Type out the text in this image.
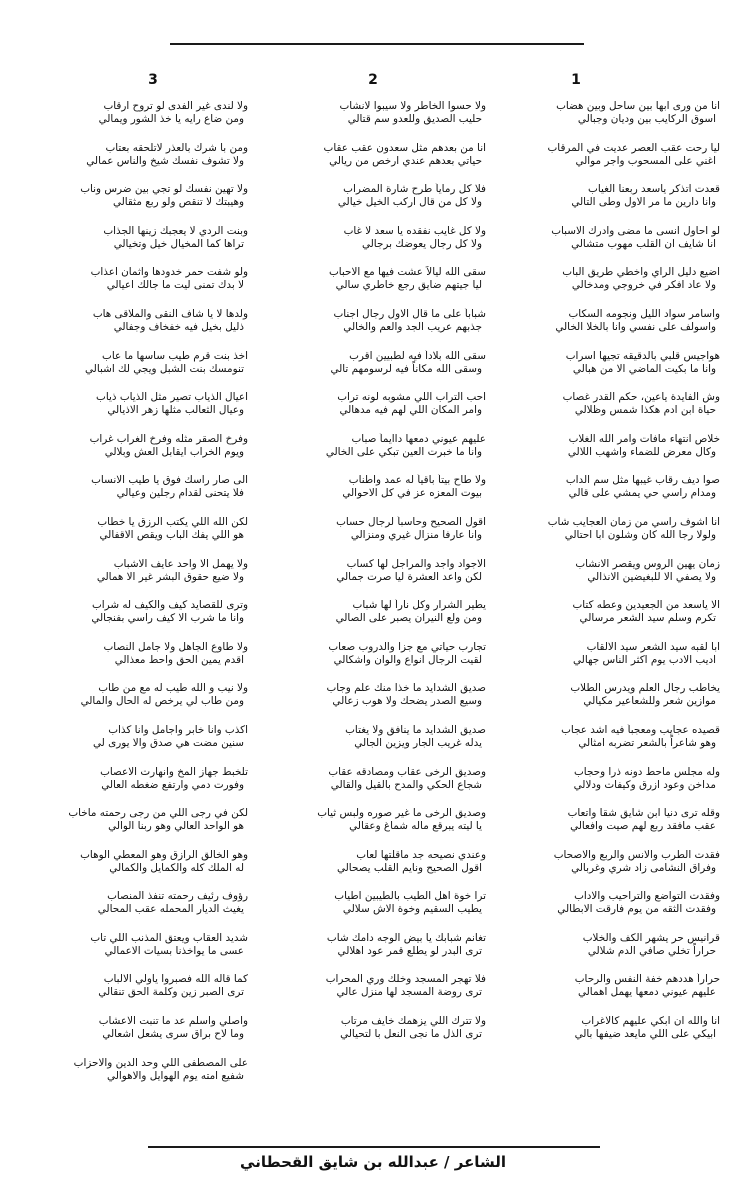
1
2
3
انا من ورى ابها بين ساحل وبين هضاب
اسوق الركايب بين وديان وجبالي
ليا رحت عقب العصر عديت في المرقاب
اغني على المسحوب واجر موالي
قعدت اتذكر ياسعد ربعنا الغياب
وانا دارين ما مر الاول وطى التالي
لو احاول انسى ما مضى وادرك الاسباب
انا شايف ان القلب مهوب متشالي
اضيع دليل الراي واخطي طريق الباب
ولا عاد افكر في خروجي ومدخالي
واسامر سواد الليل ونجومه السكاب
واسولف على نفسي وانا بالخلا الخالي
هواجيس قلبي بالدقيقه تجيها اسراب
وانا ما بكيت الماضي الا من هبالي
وش الفايدة ياعين، حكم القدر غصاب
حياة ابن ادم هكذا شمس وظلالي
خلاص انتهاء مافات وامر الله الغلاب
وكال معرض للضماء واشهب اللالي
صوا ديف رقاب غيبها مثل سم الداب
ومدام راسي حي يمشي على قالي
انا اشوف راسي من زمان العجايب شاب
ولولا رجا الله كان وشلون ابا احتالي
زمان يهين الروس ويقصر الانشاب
ولا يصفي الا للبغيضين الانذالي
الا ياسعد من الجعيدين وعطه كتاب
تكرم وسلم سيد الشعر مرسالي
ابا لقبه سيد الشعر سيد الالقاب
اديب الادب يوم اكثر الناس جهالي
يخاطب رجال العلم ويدرس الطلاب
موازين شعر وللشعاعير مكيالي
قصيده عجايب ومعجباً فيه اشد عجاب
وهو شاعراً بالشعر تضربه امثالي
وله مجلس ماحط دونه ذرا وحجاب
مداخن وعود ازرق وكيفات ودلالي
وقله ترى دنيا ابن شايق شقا واتعاب
عقب مافقد ربع لهم صيت وافعالي
فقدت الطرب والانس والربع والاصحاب
وفراق النشامى زاد شري وغربالي
وفقدت التواضع والتراحيب والاداب
وفقدت الثقه من يوم فارقت الابطالي
قرانيس حر يشهر الكف والخلاب
حراراً تخلي صافي الدم شلالي
حراراً هددهم خفة النفس والرحاب
عليهم عيوني دمعها يهمل اهمالي
انا والله ان ابكي عليهم كالاغراب
ابيكي على اللي مايعد ضيفها بالي
ولا حسوا الخاطر ولا سيبوا لانشاب
حليب الصديق وللعدو سم قتالي
انا من بعدهم مثل سعدون عقب عقاب
حياتي بعدهم عندي ارخص من ريالي
فلا كل رماياً طرح شارة المضراب
ولا كل من قال اركب الخيل خيالي
ولا كل غايب نفقده يا سعد لا غاب
ولا كل رجال يعوضك برجالي
سقى الله ليالاً عشت فيها مع الاحباب
ليا جيتهم ضايق رجع خاطري سالي
شباباً على ما قال الاول رجال اجناب
جذبهم عريب الجد والعم والخالي
سقى الله بلاداً فيه لطبيين اقرب
وسقى الله مكاناً فيه لرسومهم تالي
احب التراب اللي مشوبه لونه تراب
وامر المكان اللي لهم فيه مدهالي
عليهم عيوني دمعها داايماً صباب
وانا ما خبرت العين تبكي على الخالي
ولا طاح بيتاً باقياً له عمد واطناب
بيوت المعزه عز في كل الاحوالي
اقول الصحيح وحاسباً لرجال حساب
وانا عارفا منزال غيري ومنزالي
الاجواد واجد والمراجل لها كساب
لكن واعد العشرة ليا صرت جمالي
يطير الشرار وكل ناراً لها شباب
ومن ولع النيران يصبر على الصالي
تجارب حياتي مع جزا والدروب صعاب
لقيت الرجال انواع والوان واشكالي
صديق الشدايد ما خذا منك علم وجاب
وسيع الصدر يضحك ولا هوب زعالي
صديق الشدايد ما ينافق ولا يغتاب
يدله غريب الجار ويزين الجالي
وصديق الرخى عقاب ومصادقه عقاب
شجاع الحكي والمدح بالقيل والقالي
وصديق الرخى ما غير صوره ولبس ثياب
يا ليته يبرقع ماله شماغ وعقالي
وعندي نصيحه جد ماقلتها لعاب
اقول الصحيح ونايم القلب يصحالي
ترا خوة اهل الطيب بالطيبين اطياب
يطيب السقيم وخوة الاش سلالي
تغانم شبابك يا بيض الوجه دامك شاب
ترى البدر لو يطلع قمر عود اهلالي
فلا تهجر المسجد وخلك وري المحراب
ترى روضة المسجد لها منزل عالي
ولا تترك اللي يزهمك خايف مرتاب
ترى الذل ما نجى النعل با لتحيالي
ولا لندى غير الفدى لو تروح ارقاب
ومن ضاع رايه يا خذ الشور ويمالي
ومن با شرك بالعذر لاتلحقه بعتاب
ولا تشوف نفسك شيخ والناس عمالي
ولا تهين نفسك لو تجي بين ضرس وناب
وهيبتك لا تنقص ولو ربع مثقالي
وبنت الردي لا يعجبك زينها الجذاب
تراها كما المخيال خيل وتخيالي
ولو شفت حمر خدودها واثمان اعذاب
لا بدك تمنى ليت ما جالك اعيالي
ولدها لا يا شاف النقى والملاقى هاب
ذليل بخيل فيه خفخاف وجفالي
اخذ بنت قرم طيب ساسها ما عاب
تنومسك بنت الشبل ويجي لك اشبالي
اعيال الذياب تصير مثل الذياب ذياب
وعيال الثعالب مثلها زهر الاذيالي
وفرخ الصقر مثله وفرخ الغراب غراب
ويوم الخراب ايقابل العش وبلالي
الى صار راسك فوق يا طيب الانساب
فلا يتحنى لقدام رجلين وعيالي
لكن الله اللي يكتب الرزق يا خطاب
هو اللي يفك الباب ويقص الاقفالي
ولا يهمل الا واحد عايف الاشباب
ولا ضيع حقوق البشر غير الا همالي
وترى للقصايد كيف والكيف له شراب
وانا ما شرب الا كيف راسي بفنجالي
ولا طاوع الجاهل ولا جامل النصاب
اقدم يمين الحق واحط معذالي
ولا نيب و الله طيب له مع من طاب
ومن طاب لي يرخص له الحال والمالي
اكذب وانا خابر واجامل وانا كذاب
سنين مضت هي صدق والا يورى لي
تلخبط جهاز المخ وانهارت الاعصاب
وفورت دمي وارتفع ضغطه العالي
لكن في رجى اللي من رجى رحمته ماخاب
هو الواحد العالي وهو ربنا الوالي
وهو الخالق الرازق وهو المعطي الوهاب
له الملك كله والكمايل والكمالي
رؤوف رئيف رحمته تنفذ المنصاب
يغيث الديار المحمله عقب المحالي
شديد العقاب ويعتق المذنب اللي تاب
عسى ما يواخذنا بسيات الاعمالي
كما قاله الله فصبروا ياولي الالباب
ترى الصبر زين وكلمة الحق تنقالي
واصلي واسلم عد ما تنبت الاعشاب
وما لاح براق سرى يشعل اشعالي
على المصطفى اللي وحد الدين والاحزاب
شفيع امته يوم الهوايل والاهوالي
الشاعر / عبدالله بن شايق القحطاني
